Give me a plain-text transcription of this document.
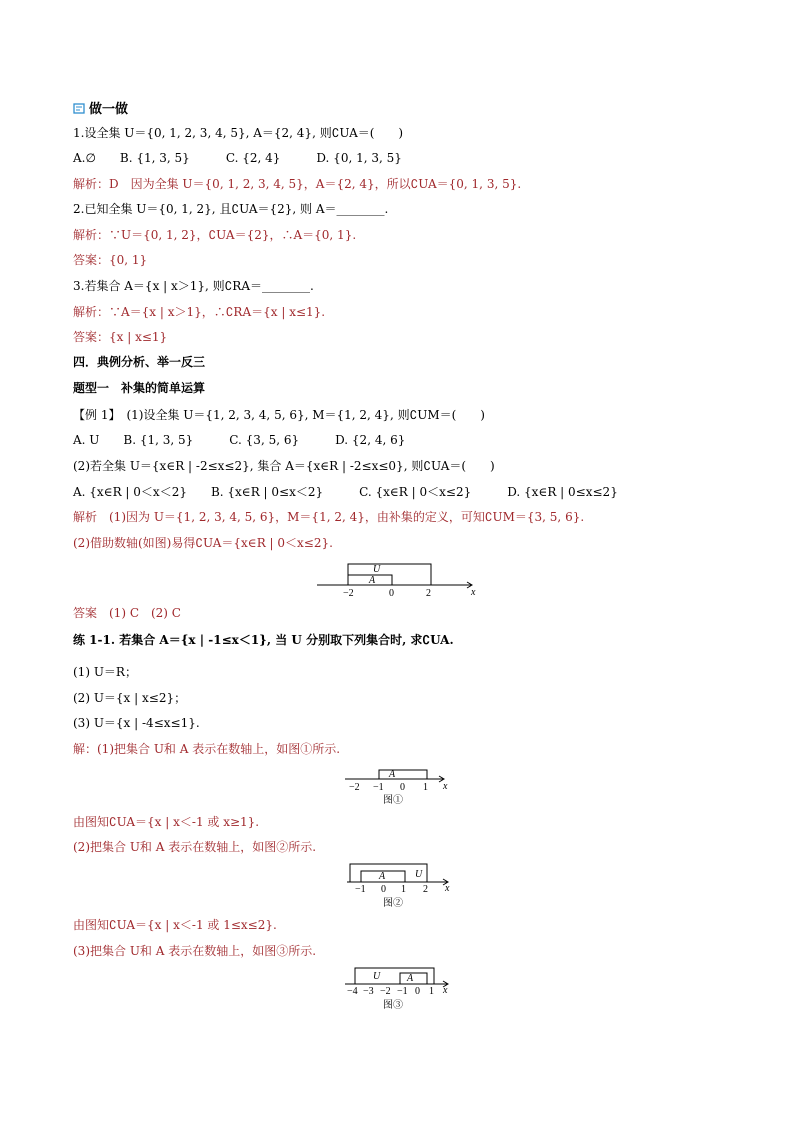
做一做
1.设全集 U＝{0, 1, 2, 3, 4, 5}, A＝{2, 4}, 则∁UA＝(　　)
A.∅　　B. {1, 3, 5}　　　C. {2, 4}　　　D. {0, 1, 3, 5}
解析：D　因为全集 U＝{0, 1, 2, 3, 4, 5}，A＝{2, 4}，所以∁UA＝{0, 1, 3, 5}.
2.已知全集 U＝{0, 1, 2}, 且∁UA＝{2}, 则 A＝________.
解析：∵U＝{0, 1, 2}，∁UA＝{2}，∴A＝{0, 1}.
答案：{0, 1}
3.若集合 A＝{x | x＞1}, 则∁RA＝________.
解析：∵A＝{x | x＞1}，∴∁RA＝{x | x≤1}.
答案：{x | x≤1}
四．典例分析、举一反三
题型一　补集的简单运算
【例 1】　(1)设全集 U＝{1, 2, 3, 4, 5, 6}, M＝{1, 2, 4}, 则∁UM＝(　　)
A. U　　B. {1, 3, 5}　　　C. {3, 5, 6}　　　D. {2, 4, 6}
(2)若全集 U＝{x∈R | -2≤x≤2}, 集合 A＝{x∈R | -2≤x≤0}, 则∁UA＝(　　)
A. {x∈R | 0＜x＜2}　　B. {x∈R | 0≤x＜2}　　　C. {x∈R | 0＜x≤2}　　　D. {x∈R | 0≤x≤2}
解析　(1)因为 U＝{1, 2, 3, 4, 5, 6}，M＝{1, 2, 4}，由补集的定义，可知∁UM＝{3, 5, 6}.
(2)借助数轴(如图)易得∁UA＝{x∈R | 0＜x≤2}.
U
A
−2	0	2	x
答案　(1) C　(2) C
练 1-1. 若集合 A＝{x | -1≤x＜1}, 当 U 分别取下列集合时, 求∁UA.
(1) U＝R；
(2) U＝{x | x≤2}；
(3) U＝{x | -4≤x≤1}.
解：(1)把集合 U和 A 表示在数轴上，如图①所示.
A
−2 −1 0 1 x
图①
由图知∁UA＝{x | x＜-1 或 x≥1}.
(2)把集合 U和 A 表示在数轴上，如图②所示.
A	U
−1 0 1 2 x
图②
由图知∁UA＝{x | x＜-1 或 1≤x≤2}.
(3)把集合 U和 A 表示在数轴上，如图③所示.
U	A
−4 −3 −2 −1 0 1 x
图③
